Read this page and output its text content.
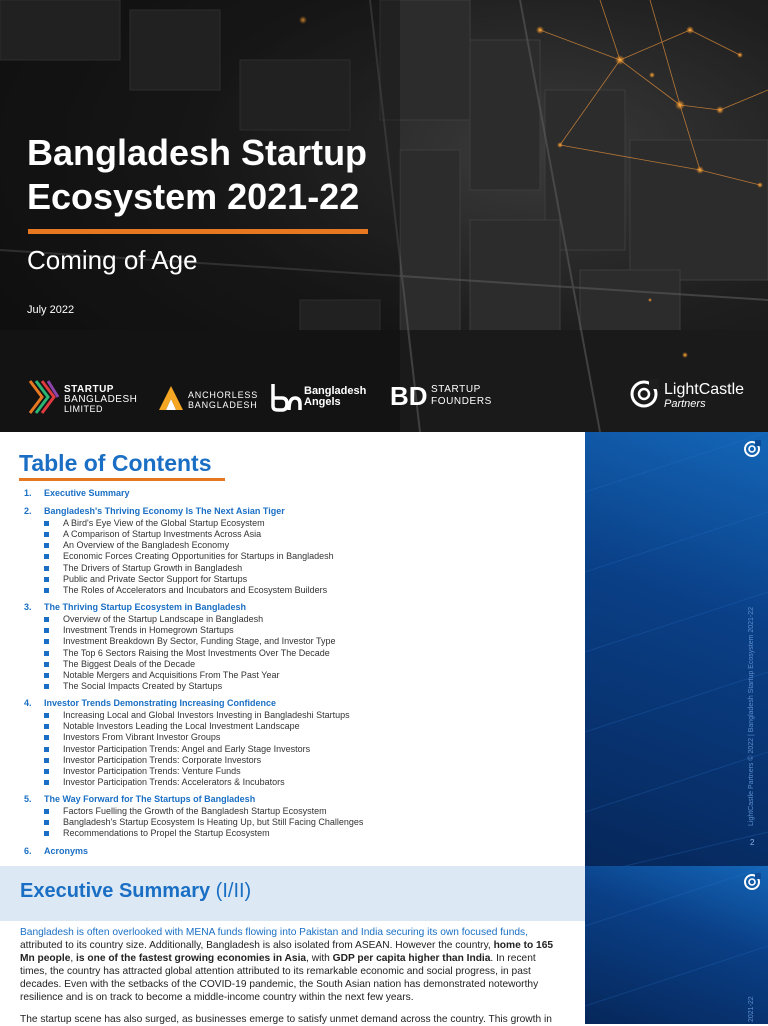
Bangladesh Startup
Ecosystem 2021-22
Coming of Age
July 2022
STARTUP
BANGLADESH
LIMITED
ANCHORLESS
BANGLADESH
Bangladesh
Angels BD STARTUP
FOUNDERS
LightCastle
Partners
LightCastle Partners © 2022 | Bangladesh Startup Ecosystem 2021-22
2
2021-22
Table of Contents
1. Executive Summary
2. Bangladesh's Thriving Economy Is The Next Asian Tiger
A Bird's Eye View of the Global Startup Ecosystem
A Comparison of Startup Investments Across Asia
An Overview of the Bangladesh Economy
Economic Forces Creating Opportunities for Startups in Bangladesh
The Drivers of Startup Growth in Bangladesh
Public and Private Sector Support for Startups
The Roles of Accelerators and Incubators and Ecosystem Builders
3. The Thriving Startup Ecosystem in Bangladesh
Overview of the Startup Landscape in Bangladesh
Investment Trends in Homegrown Startups
Investment Breakdown By Sector, Funding Stage, and Investor Type
The Top 6 Sectors Raising the Most Investments Over The Decade
The Biggest Deals of the Decade
Notable Mergers and Acquisitions From The Past Year
The Social Impacts Created by Startups
4. Investor Trends Demonstrating Increasing Confidence
Increasing Local and Global Investors Investing in Bangladeshi Startups
Notable Investors Leading the Local Investment Landscape
Investors From Vibrant Investor Groups
Investor Participation Trends: Angel and Early Stage Investors
Investor Participation Trends: Corporate Investors
Investor Participation Trends: Venture Funds
Investor Participation Trends: Accelerators & Incubators
5. The Way Forward for The Startups of Bangladesh
Factors Fuelling the Growth of the Bangladesh Startup Ecosystem
Bangladesh's Startup Ecosystem Is Heating Up, but Still Facing Challenges
Recommendations to Propel the Startup Ecosystem
6. Acronyms
Executive Summary (I/II)

Bangladesh is often overlooked with MENA funds flowing into Pakistan and India securing its own focused funds, attributed to its country size. Additionally, Bangladesh is also isolated from ASEAN. However the country, home to 165 Mn people, is one of the fastest growing economies in Asia, with GDP per capita higher than India. In recent times, the country has attracted global attention attributed to its remarkable economic and social progress, in past decades. Even with the setbacks of the COVID-19 pandemic, the South Asian nation has demonstrated noteworthy resilience and is on track to become a middle-income country within the next few years.

The startup scene has also surged, as businesses emerge to satisfy unmet demand across the country. This growth in
